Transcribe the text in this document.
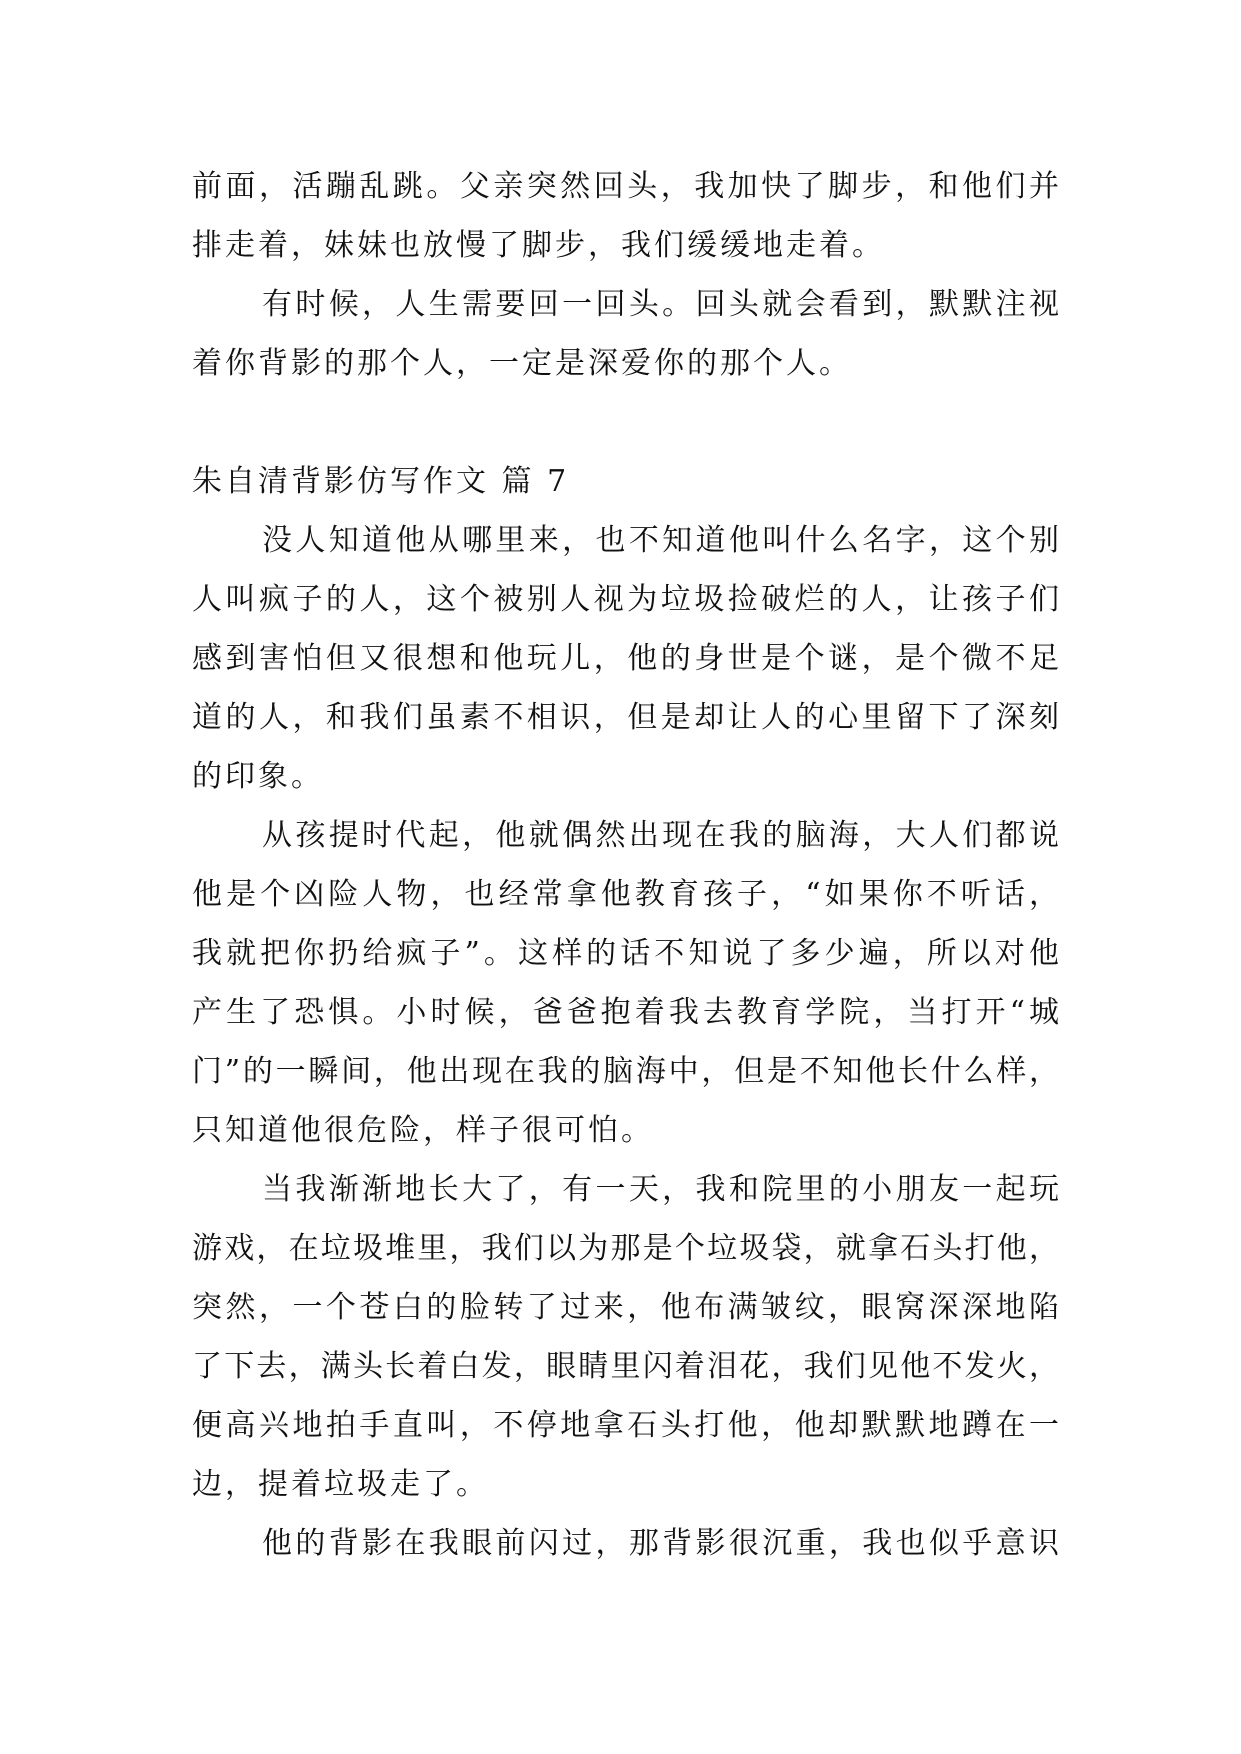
前面，活蹦乱跳。父亲突然回头，我加快了脚步，和他们并
排走着，妹妹也放慢了脚步，我们缓缓地走着。
有时候，人生需要回一回头。回头就会看到，默默注视
着你背影的那个人，一定是深爱你的那个人。
朱自清背影仿写作文 篇 7
没人知道他从哪里来，也不知道他叫什么名字，这个别
人叫疯子的人，这个被别人视为垃圾捡破烂的人，让孩子们
感到害怕但又很想和他玩儿，他的身世是个谜，是个微不足
道的人，和我们虽素不相识，但是却让人的心里留下了深刻
的印象。
从孩提时代起，他就偶然出现在我的脑海，大人们都说
他是个凶险人物，也经常拿他教育孩子，“如果你不听话，
我就把你扔给疯子”。这样的话不知说了多少遍，所以对他
产生了恐惧。小时候，爸爸抱着我去教育学院，当打开“城
门”的一瞬间，他出现在我的脑海中，但是不知他长什么样，
只知道他很危险，样子很可怕。
当我渐渐地长大了，有一天，我和院里的小朋友一起玩
游戏，在垃圾堆里，我们以为那是个垃圾袋，就拿石头打他，
突然，一个苍白的脸转了过来，他布满皱纹，眼窝深深地陷
了下去，满头长着白发，眼睛里闪着泪花，我们见他不发火，
便高兴地拍手直叫，不停地拿石头打他，他却默默地蹲在一
边，提着垃圾走了。
他的背影在我眼前闪过，那背影很沉重，我也似乎意识
